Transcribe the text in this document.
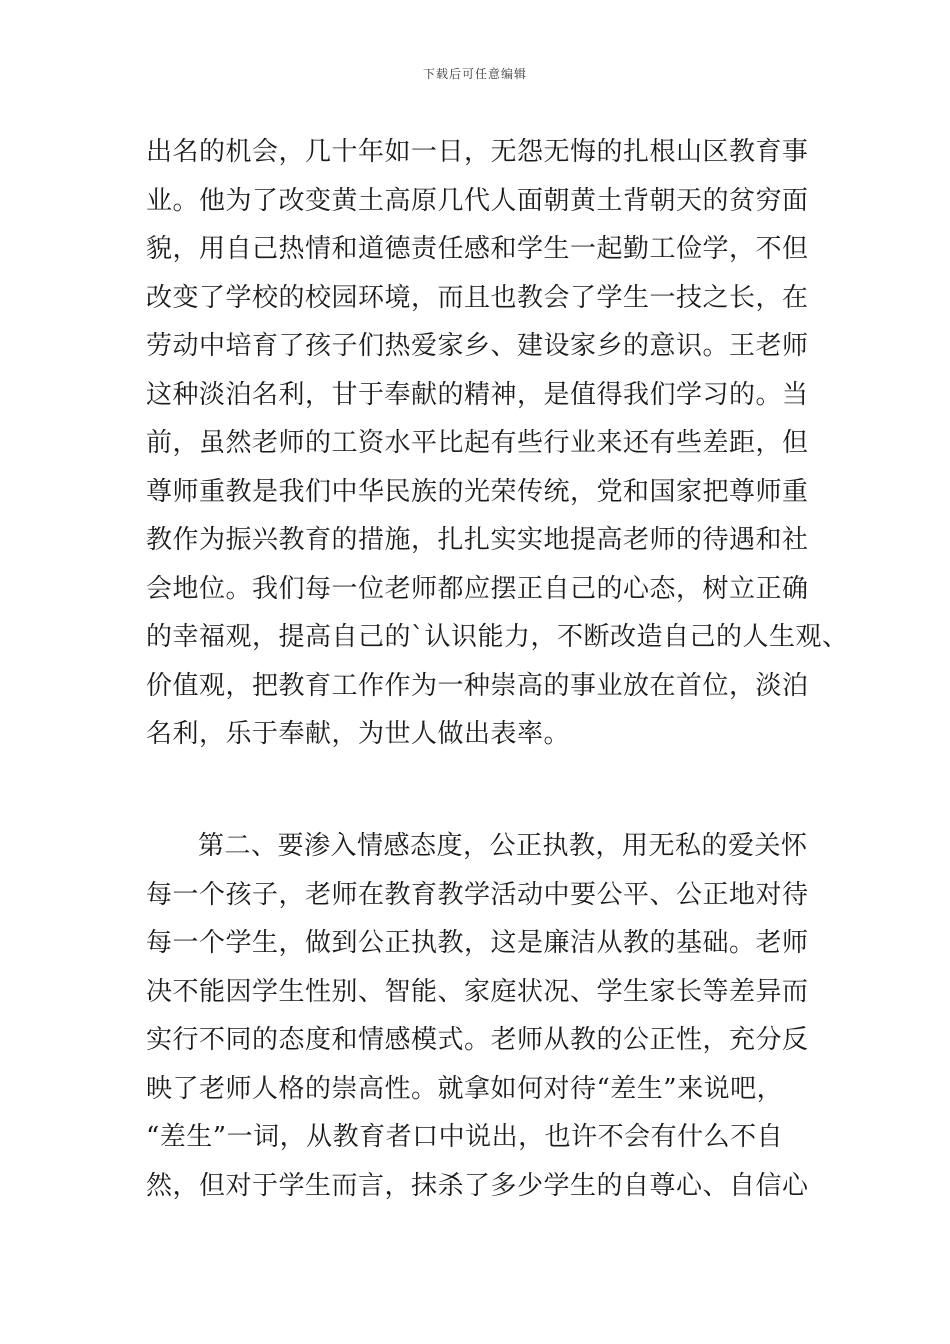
下载后可任意编辑
出名的机会，几十年如一日，无怨无悔的扎根山区教育事
业。他为了改变黄土高原几代人面朝黄土背朝天的贫穷面
貌，用自己热情和道德责任感和学生一起勤工俭学，不但
改变了学校的校园环境，而且也教会了学生一技之长，在
劳动中培育了孩子们热爱家乡、建设家乡的意识。王老师
这种淡泊名利，甘于奉献的精神，是值得我们学习的。当
前，虽然老师的工资水平比起有些行业来还有些差距，但
尊师重教是我们中华民族的光荣传统，党和国家把尊师重
教作为振兴教育的措施，扎扎实实地提高老师的待遇和社
会地位。我们每一位老师都应摆正自己的心态，树立正确
的幸福观，提高自己的`认识能力，不断改造自己的人生观、
价值观，把教育工作作为一种崇高的事业放在首位，淡泊
名利，乐于奉献，为世人做出表率。
第二、要渗入情感态度，公正执教，用无私的爱关怀
每一个孩子，老师在教育教学活动中要公平、公正地对待
每一个学生，做到公正执教，这是廉洁从教的基础。老师
决不能因学生性别、智能、家庭状况、学生家长等差异而
实行不同的态度和情感模式。老师从教的公正性，充分反
映了老师人格的崇高性。就拿如何对待“差生”来说吧，
“差生”一词，从教育者口中说出，也许不会有什么不自
然，但对于学生而言，抹杀了多少学生的自尊心、自信心
